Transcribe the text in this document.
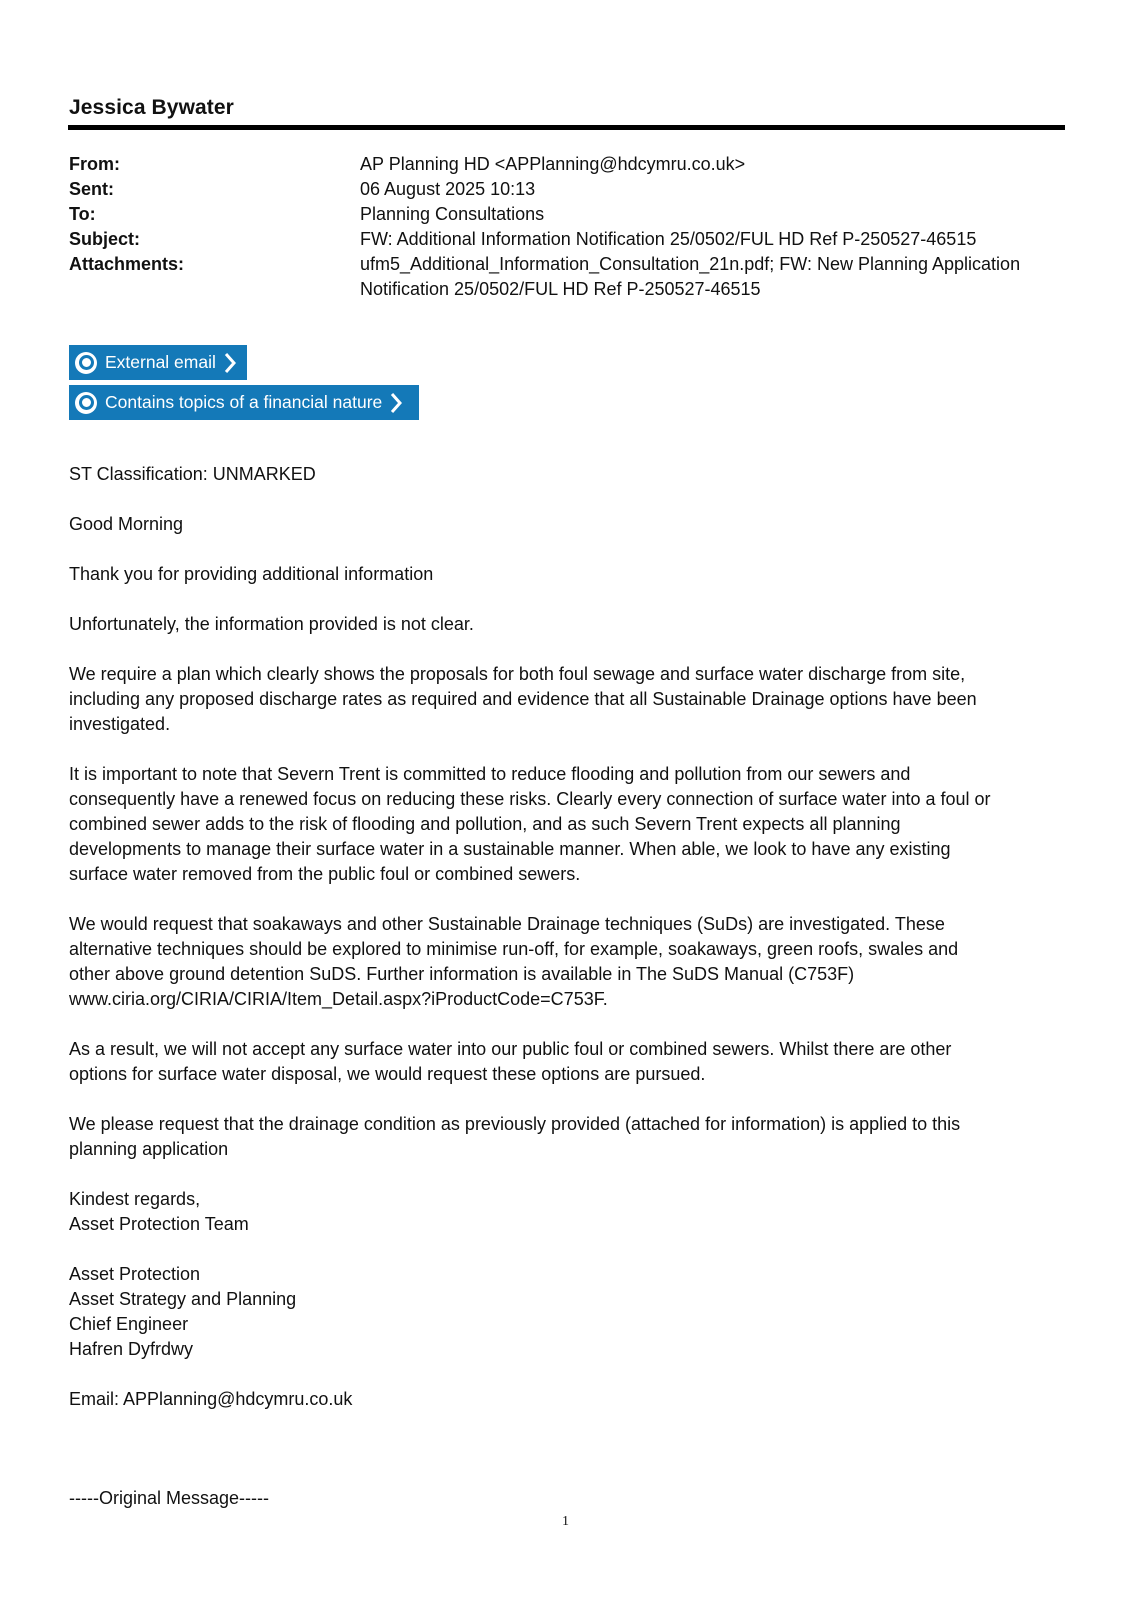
Jessica Bywater
From:	AP Planning HD <APPlanning@hdcymru.co.uk>
Sent:	06 August 2025 10:13
To:	Planning Consultations
Subject:	FW: Additional Information Notification 25/0502/FUL HD Ref P-250527-46515
Attachments:	ufm5_Additional_Information_Consultation_21n.pdf; FW: New Planning Application
Notification 25/0502/FUL HD Ref P-250527-46515
External email
Contains topics of a financial nature

ST Classification: UNMARKED

Good Morning

Thank you for providing additional information

Unfortunately, the information provided is not clear.

We require a plan which clearly shows the proposals for both foul sewage and surface water discharge from site,
including any proposed discharge rates as required and evidence that all Sustainable Drainage options have been
investigated.

It is important to note that Severn Trent is committed to reduce flooding and pollution from our sewers and
consequently have a renewed focus on reducing these risks. Clearly every connection of surface water into a foul or
combined sewer adds to the risk of flooding and pollution, and as such Severn Trent expects all planning
developments to manage their surface water in a sustainable manner. When able, we look to have any existing
surface water removed from the public foul or combined sewers.

We would request that soakaways and other Sustainable Drainage techniques (SuDs) are investigated. These
alternative techniques should be explored to minimise run-off, for example, soakaways, green roofs, swales and
other above ground detention SuDS. Further information is available in The SuDS Manual (C753F)
www.ciria.org/CIRIA/CIRIA/Item_Detail.aspx?iProductCode=C753F.

As a result, we will not accept any surface water into our public foul or combined sewers. Whilst there are other
options for surface water disposal, we would request these options are pursued.

We please request that the drainage condition as previously provided (attached for information) is applied to this
planning application

Kindest regards,
Asset Protection Team

Asset Protection
Asset Strategy and Planning
Chief Engineer
Hafren Dyfrdwy

Email: APPlanning@hdcymru.co.uk

-----Original Message-----
1
